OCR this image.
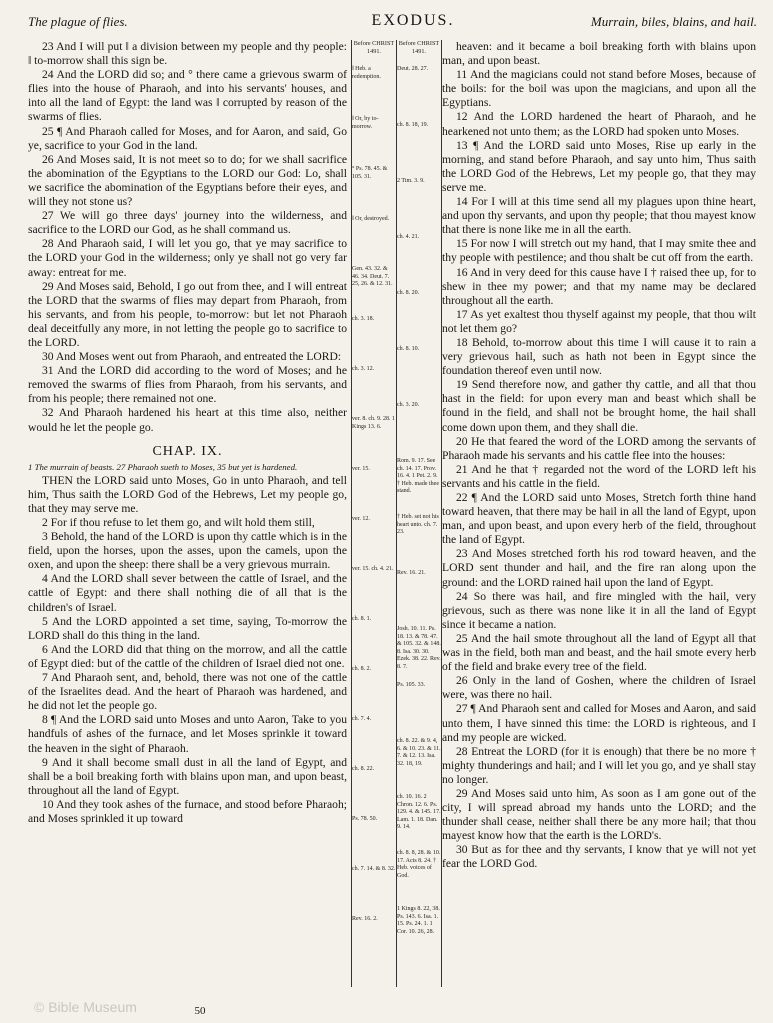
The plague of flies.	EXODUS.	Murrain, biles, blains, and hail.

23 And I will put ‖ a division between my people and thy people: ‖ to-morrow shall this sign be.

24 And the LORD did so; and ° there came a grievous swarm of flies into the house of Pharaoh, and into his servants' houses, and into all the land of Egypt: the land was ‖ corrupted by reason of the swarms of flies.

25 ¶ And Pharaoh called for Moses, and for Aaron, and said, Go ye, sacrifice to your God in the land.

26 And Moses said, It is not meet so to do; for we shall sacrifice the abomination of the Egyptians to the LORD our God: Lo, shall we sacrifice the abomination of the Egyptians before their eyes, and will they not stone us?

27 We will go three days' journey into the wilderness, and sacrifice to the LORD our God, as he shall command us.

28 And Pharaoh said, I will let you go, that ye may sacrifice to the LORD your God in the wilderness; only ye shall not go very far away: entreat for me.

29 And Moses said, Behold, I go out from thee, and I will entreat the LORD that the swarms of flies may depart from Pharaoh, from his servants, and from his people, to-morrow: but let not Pharaoh deal deceitfully any more, in not letting the people go to sacrifice to the LORD.

30 And Moses went out from Pharaoh, and entreated the LORD:

31 And the LORD did according to the word of Moses; and he removed the swarms of flies from Pharaoh, from his servants, and from his people; there remained not one.

32 And Pharaoh hardened his heart at this time also, neither would he let the people go.

CHAP. IX.
1 The murrain of beasts. 27 Pharaoh sueth to Moses, 35 but yet is hardened.

THEN the LORD said unto Moses, Go in unto Pharaoh, and tell him, Thus saith the LORD God of the Hebrews, Let my people go, that they may serve me.

2 For if thou refuse to let them go, and wilt hold them still,

3 Behold, the hand of the LORD is upon thy cattle which is in the field, upon the horses, upon the asses, upon the camels, upon the oxen, and upon the sheep: there shall be a very grievous murrain.

4 And the LORD shall sever between the cattle of Israel, and the cattle of Egypt: and there shall nothing die of all that is the children's of Israel.

5 And the LORD appointed a set time, saying, To-morrow the LORD shall do this thing in the land.

6 And the LORD did that thing on the morrow, and all the cattle of Egypt died: but of the cattle of the children of Israel died not one.

7 And Pharaoh sent, and, behold, there was not one of the cattle of the Israelites dead. And the heart of Pharaoh was hardened, and he did not let the people go.

8 ¶ And the LORD said unto Moses and unto Aaron, Take to you handfuls of ashes of the furnace, and let Moses sprinkle it toward the heaven in the sight of Pharaoh.

9 And it shall become small dust in all the land of Egypt, and shall be a boil breaking forth with blains upon man, and upon beast, throughout all the land of Egypt.

10 And they took ashes of the furnace, and stood before Pharaoh; and Moses sprinkled it up toward

Before CHRIST 1491.
‖ Heb. a redemption.
‖ Or, by to-morrow.
° Ps. 78. 45. & 105. 31.
‖ Or, destroyed.
Gen. 43. 32. & 46. 34. Deut. 7. 25, 26. & 12. 31.
ch. 3. 18.
ch. 3. 12.
ver. 8. ch. 9. 28. 1 Kings 13. 6.
ver. 15.
ver. 12.
ver. 15. ch. 4. 21.
ch. 8. 1.
ch. 8. 2.
ch. 7. 4.
ch. 8. 22.
Ps. 78. 50.
ch. 7. 14. & 8. 32.
Rev. 16. 2.
Before CHRIST 1491.
Deut. 28. 27.
ch. 8. 18, 19.
2 Tim. 3. 9.
ch. 4. 21.
ch. 8. 20.
ch. 8. 10.
ch. 3. 20.
Rom. 9. 17. See ch. 14. 17. Prov. 16. 4. 1 Pet. 2. 9. † Heb. made thee stand.
† Heb. set not his heart unto. ch. 7. 23.
Rev. 16. 21.
Josh. 10. 11. Ps. 18. 13. & 78. 47. & 105. 32. & 148. 8. Isa. 30. 30. Ezek. 38. 22. Rev. 8. 7.
Ps. 105. 33.
ch. 8. 22. & 9. 4, 6. & 10. 23. & 11. 7. & 12. 13. Isa. 32. 18, 19.
ch. 10. 16. 2 Chron. 12. 6. Ps. 129. 4. & 145. 17. Lam. 1. 18. Dan. 9. 14.
ch. 8. 8, 28. & 10. 17. Acts 8. 24. † Heb. voices of God.
1 Kings 8. 22, 38. Ps. 143. 6. Isa. 1. 15. Ps. 24. 1. 1 Cor. 10. 26, 28.

heaven: and it became a boil breaking forth with blains upon man, and upon beast.

11 And the magicians could not stand before Moses, because of the boils: for the boil was upon the magicians, and upon all the Egyptians.

12 And the LORD hardened the heart of Pharaoh, and he hearkened not unto them; as the LORD had spoken unto Moses.

13 ¶ And the LORD said unto Moses, Rise up early in the morning, and stand before Pharaoh, and say unto him, Thus saith the LORD God of the Hebrews, Let my people go, that they may serve me.

14 For I will at this time send all my plagues upon thine heart, and upon thy servants, and upon thy people; that thou mayest know that there is none like me in all the earth.

15 For now I will stretch out my hand, that I may smite thee and thy people with pestilence; and thou shalt be cut off from the earth.

16 And in very deed for this cause have I † raised thee up, for to shew in thee my power; and that my name may be declared throughout all the earth.

17 As yet exaltest thou thyself against my people, that thou wilt not let them go?

18 Behold, to-morrow about this time I will cause it to rain a very grievous hail, such as hath not been in Egypt since the foundation thereof even until now.

19 Send therefore now, and gather thy cattle, and all that thou hast in the field: for upon every man and beast which shall be found in the field, and shall not be brought home, the hail shall come down upon them, and they shall die.

20 He that feared the word of the LORD among the servants of Pharaoh made his servants and his cattle flee into the houses:

21 And he that † regarded not the word of the LORD left his servants and his cattle in the field.

22 ¶ And the LORD said unto Moses, Stretch forth thine hand toward heaven, that there may be hail in all the land of Egypt, upon man, and upon beast, and upon every herb of the field, throughout the land of Egypt.

23 And Moses stretched forth his rod toward heaven, and the LORD sent thunder and hail, and the fire ran along upon the ground: and the LORD rained hail upon the land of Egypt.

24 So there was hail, and fire mingled with the hail, very grievous, such as there was none like it in all the land of Egypt since it became a nation.

25 And the hail smote throughout all the land of Egypt all that was in the field, both man and beast, and the hail smote every herb of the field and brake every tree of the field.

26 Only in the land of Goshen, where the children of Israel were, was there no hail.

27 ¶ And Pharaoh sent and called for Moses and Aaron, and said unto them, I have sinned this time: the LORD is righteous, and I and my people are wicked.

28 Entreat the LORD (for it is enough) that there be no more † mighty thunderings and hail; and I will let you go, and ye shall stay no longer.

29 And Moses said unto him, As soon as I am gone out of the city, I will spread abroad my hands unto the LORD; and the thunder shall cease, neither shall there be any more hail; that thou mayest know how that the earth is the LORD's.

30 But as for thee and thy servants, I know that ye will not yet fear the LORD God.

© Bible Museum	50
